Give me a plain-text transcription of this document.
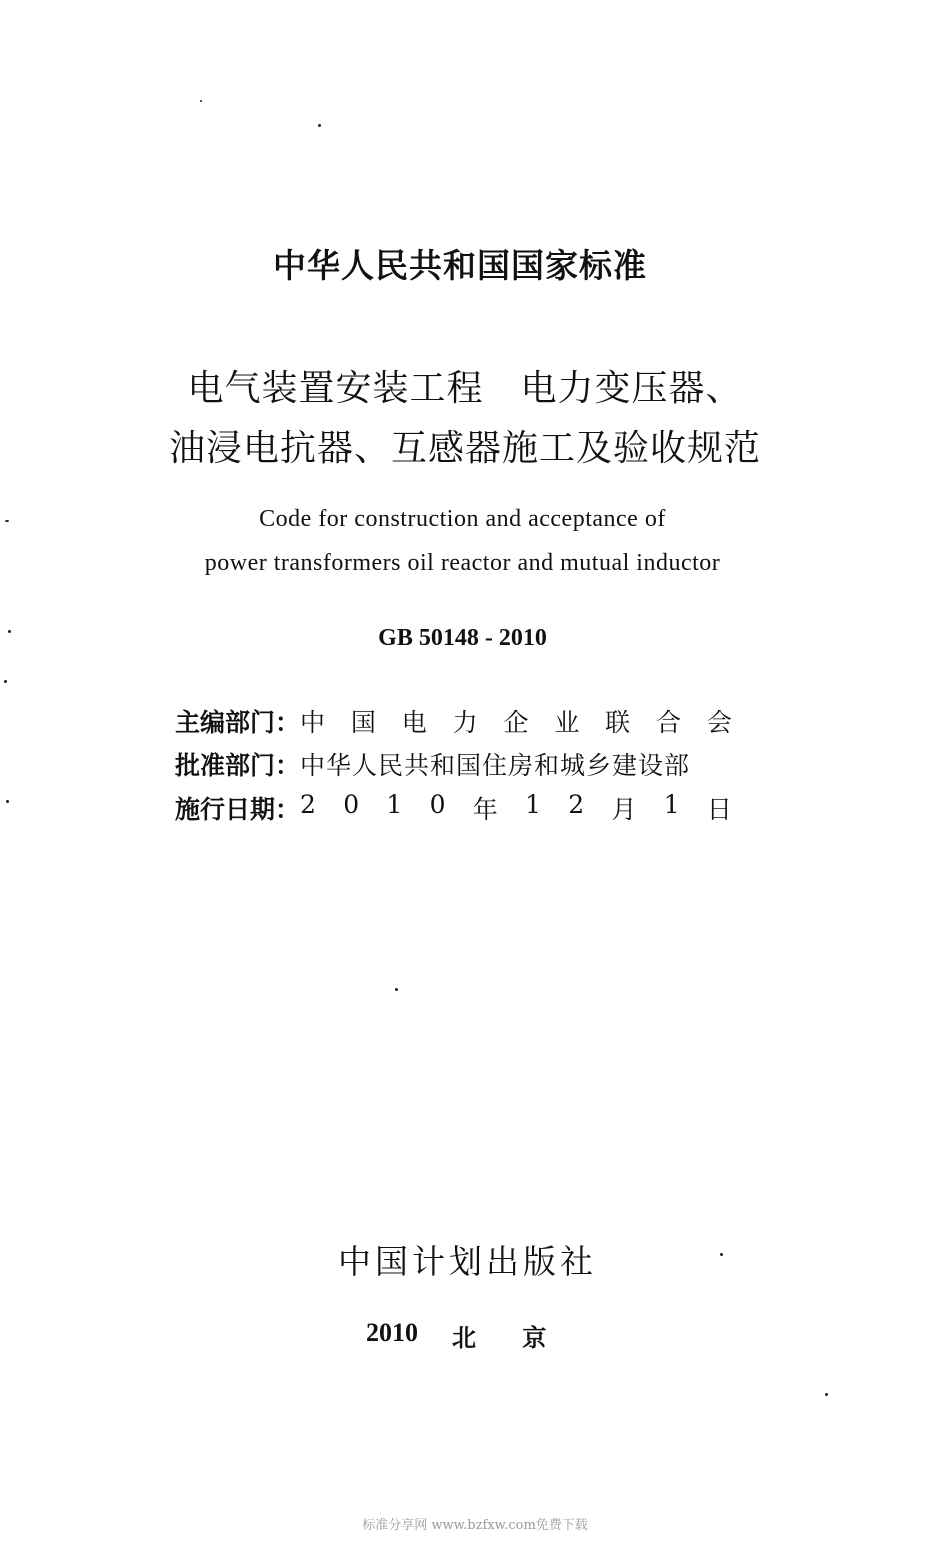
中华人民共和国国家标准
电气装置安装工程　电力变压器、
油浸电抗器、互感器施工及验收规范
Code for construction and acceptance of
power transformers oil reactor and mutual inductor
GB 50148 - 2010
主编部门： 中 国 电 力 企 业 联 合 会
批准部门： 中华人民共和国住房和城乡建设部
施行日期： 2 0 1 0 年 1 2 月 1 日
中国计划出版社
2010 北 京
标准分享网 www.bzfxw.com免费下载
